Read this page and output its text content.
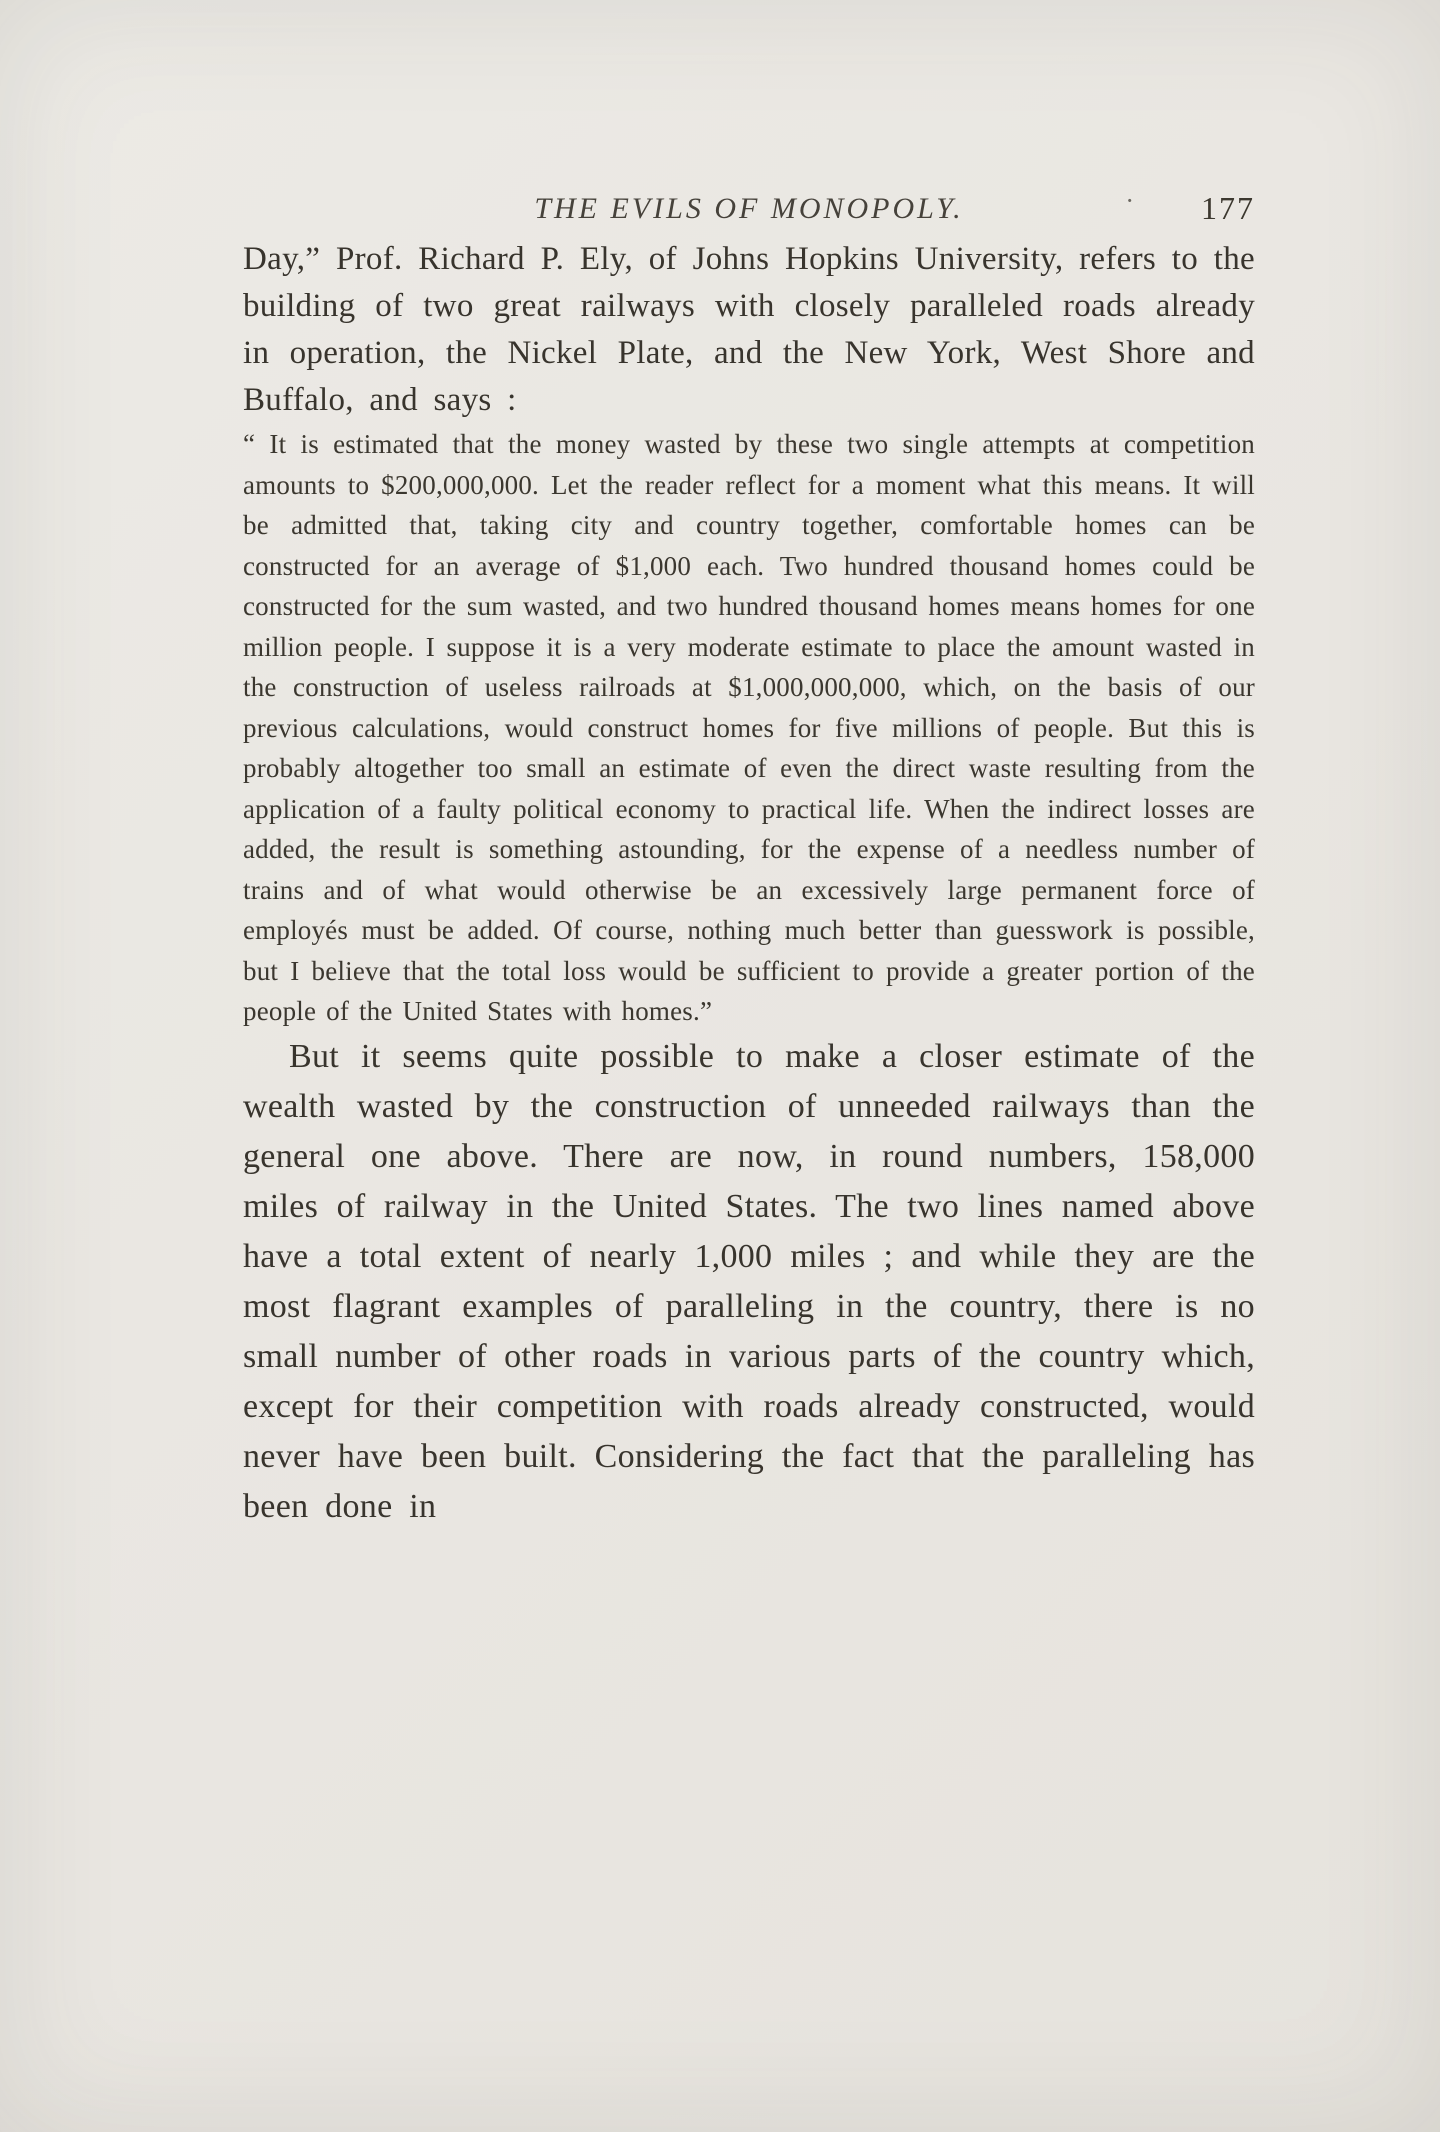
THE EVILS OF MONOPOLY.	· 177

Day,” Prof. Richard P. Ely, of Johns Hopkins University, refers to the building of two great railways with closely paralleled roads already in operation, the Nickel Plate, and the New York, West Shore and Buffalo, and says :

“ It is estimated that the money wasted by these two single attempts at competition amounts to $200,000,000. Let the reader reflect for a moment what this means. It will be admitted that, taking city and country together, comfortable homes can be constructed for an average of $1,000 each. Two hundred thousand homes could be constructed for the sum wasted, and two hundred thousand homes means homes for one million people. I suppose it is a very moderate estimate to place the amount wasted in the construction of useless railroads at $1,000,000,000, which, on the basis of our previous calculations, would construct homes for five millions of people. But this is probably altogether too small an estimate of even the direct waste resulting from the application of a faulty political economy to practical life. When the indirect losses are added, the result is something astounding, for the expense of a needless number of trains and of what would otherwise be an excessively large permanent force of employés must be added. Of course, nothing much better than guesswork is possible, but I believe that the total loss would be sufficient to provide a greater portion of the people of the United States with homes.”

But it seems quite possible to make a closer estimate of the wealth wasted by the construction of unneeded railways than the general one above. There are now, in round numbers, 158,000 miles of railway in the United States. The two lines named above have a total extent of nearly 1,000 miles ; and while they are the most flagrant examples of paralleling in the country, there is no small number of other roads in various parts of the country which, except for their competition with roads already constructed, would never have been built. Considering the fact that the paralleling has been done in
